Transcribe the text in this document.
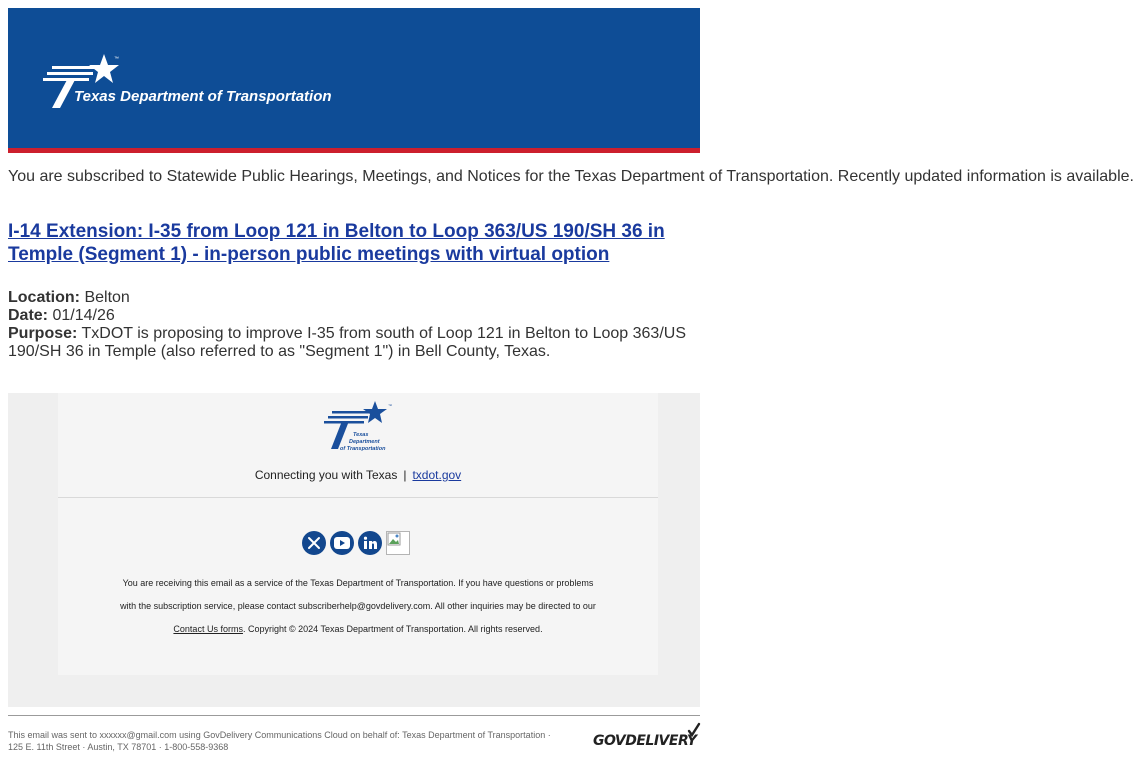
™
Texas Department of Transportation
You are subscribed to Statewide Public Hearings, Meetings, and Notices for the Texas Department of Transportation. Recently updated information is available.
I-14 Extension: I-35 from Loop 121 in Belton to Loop 363/US 190/SH 36 in Temple (Segment 1) - in-person public meetings with virtual option
Location: Belton
Date: 01/14/26
Purpose: TxDOT is proposing to improve I-35 from south of Loop 121 in Belton to Loop 363/US 190/SH 36 in Temple (also referred to as "Segment 1") in Bell County, Texas.
™
Texas
Department
of Transportation
Connecting you with Texas | txdot.gov
You are receiving this email as a service of the Texas Department of Transportation. If you have questions or problems
with the subscription service, please contact subscriberhelp@govdelivery.com. All other inquiries may be directed to our
Contact Us forms. Copyright © 2024 Texas Department of Transportation. All rights reserved.
This email was sent to xxxxxx@gmail.com using GovDelivery Communications Cloud on behalf of: Texas Department of Transportation · 125 E. 11th Street · Austin, TX 78701 · 1-800-558-9368	GOVDELIVERY
